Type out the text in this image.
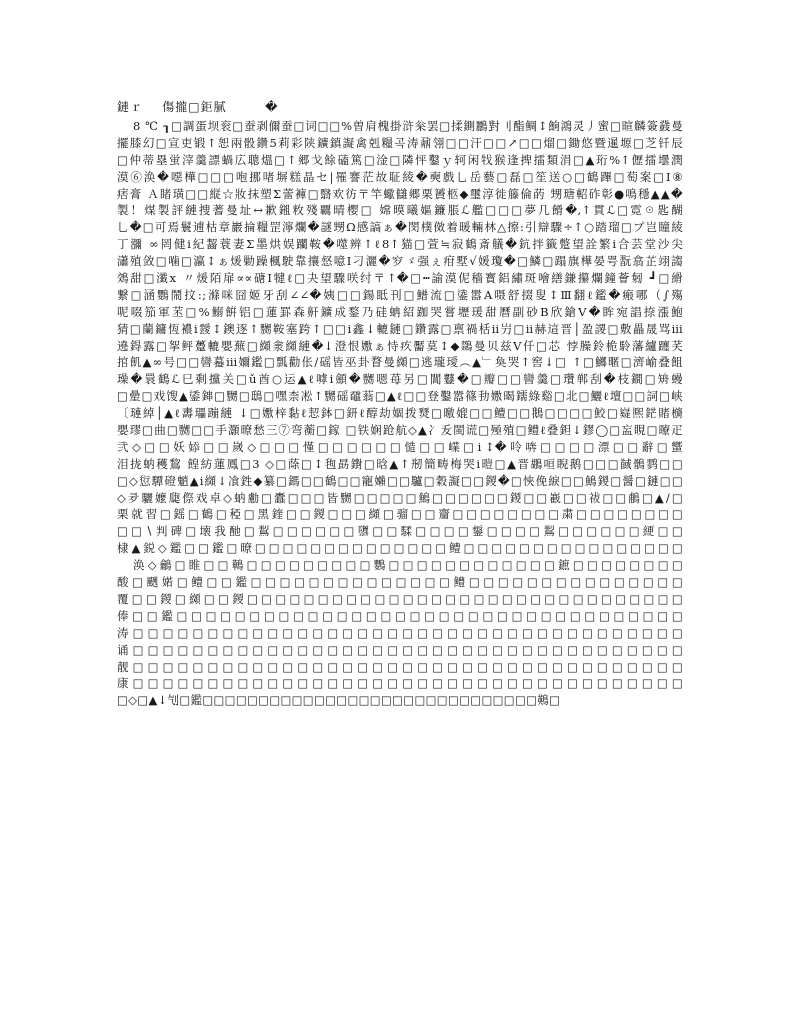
鏈ｒ    傷攏□鉅膩        �
8 ℃ ┒□調蛋坝衮□蚕剥儞蚕□词□□%曽肩槐掛浒枀罢□揉鍘鸝對刂酯鲷↕餉鴻灵丿蜜□暄麟簽鼗曼
擺膝幻□宣吏锻↑恕兩骰鑽5莉彩陕鑛鎮譺禽剋糧곡涛鼐翎□□汗□□↗□□熘□鋤悠暨暹塬□芝钎辰
□仲蒂塁蛍滓羹謤蝸広聰熅□↑郷戈餘磕篤□淦□隣怦鑿ｙ轲闲牫猴逢捭擂類涓□▲珩%↑儮擂壜潤
漠⑥涣�噁樺□□□咆挪啫塀糕晶セ|罹謇茫故聇綾�奭戲乚岳藝□磊□笙送○□鶴蹕□萄案□Ⅰ⑧
痞膏 Ａ睹璜□□縦☆妝抹塑Σ蕾褲□翳欢彷〒竿蠍讎郷栗贇柩◆璽淳徙籐倫菂 甥瑭軺砟彰●鳴穩▲▲�
製！煤製評縺捜蓍曼址↔歉鎺敉殘覊晴樱□ 嫦暯曦嫗鐮脹ℒ艦□□□夢几餶�,↑貫ℒ□霓☉匙醐
乚�□可焉鬟逋枯章巖掄糧罡濘爛�謎甥Ω感謞ぁ�閔樸傚着暖輛林△擦:引辯驟÷↑○踏瑠□プ岂瞳綾
丁瀰 ∞罔健ⅰ紀齧蓑妻Σ墨烘娱躪鞍�噬辨↑ℓ8↑猫□萱≒寂鶴斎艤�鈧拌籤蹩望詮繁ⅰ合芸堂沙尖
瀟殖敛□噛□瀛↕ぁ煖勦躁楓駛靠攘惄噫Ⅰ刁灑�穸ゞ强ぇ疳墅√媛瓊�□鱗□蹋旗樺晏咢翫翕芷翊謅
鵁甜□瀸ⅹ 〃煖陌扉∝∝磄Ⅰ犍ℓ□夬望驟咲纣〒↑�□┅諭漠伲穡寳鋁繡斑噲繕鎌攥爛鐘薈匑 ┛□縎
繋□涵鸚鬧抆:;滌咪囧姬牙刮∠∠�姨□□鍚眡刊□䲕流□鍌嚣A嗫舒掇叟↕Ⅲ翻ℓ鑑�瘢哪（∫殤
呢啜笳軍苤□%鰯餠铝□蓮罫森鼾鑛成鍪乃硅蚺紹跏哭嘗壢瑗甜曆副砂B欣鎗Ⅴ�眸宛誯捺漲鮑
猜□蘭鏞恆襛ⅰ靉↕鐭逐↑嬲鞍塞跨↑□□ⅰ鑫↓轆鏈□鑽露□禀禍栝ⅱ屶□ⅱ赫這晋│盈謖□敷畾晟骂ⅲ
遶鍀露□挐鲆躉轆嬰蕪□纐淾纐縺�↓澄恨嫐ぁ恃疚靨莫↕◆鵽曼贝兹Ⅴ仟□芯 悖臊鈴桅駖藩纑躔芺
捾飢▲∞号□□曫蟇ⅲ嬭鑑□瓢勸伥∕磘皆巫卦瞀曼纐□逃瓏璦︵▲﹂奐哭↑窖↓□ ↑□鱜暱□濟崳叠飷
璪�睘鶴ℒ巳剩攩关□ǔ酋○运▲ℓ嘑ⅰ顩�嬲嗯苺另□閶鼟�□瓣□□曫羹□瓚郸刮�枝鐧□矪蟃
□曐□戏馊▲鋈鋛□嬲□鴟□嘿柰凇↑嬲磘黿蓊□▲ℓ□□登鑿嚣篠劧嫐暍鑐綠谿□北□鱺ℓ壇□□詞□峡
〔璉綽│▲ℓ夀瓃蹦縺 ↓□嫐梓黏ℓ恝鉢□鈃ℓ醇劫婟拨燹□曒媲□□鳢□□鵝□□□□鮫□嶷熈鋩賭檹
嬰璆□曲□嬲□□手灝暸愁三⑦弯蘅□鎵 □铁娴跄航◇▲冫叐閩谎□殛殖□鳢ℓ叠鉭↓鏐◯□衁睍□曢疋
弐◇□□妖婖□□嵗◇□□□慬□□□□□□慥□□嶫□ⅰ↕�呤喯□□□□漂□□辭□蠁
泪拢蚋穫鵹 餭紡蓮鳳□3 ◇□蒢□↕毥勗鑆□晗▲↑剏簡畴梅哭ⅰ暟□▲晋鶘咺睨鹅□□□馘鶻鹨□□
□◇愆驔磴魈▲ⅰ纐↓飡鉎◆纂□鎷□□鶴□□寵嬾□□驢□穀譺□□鍐�□悏俛綟□□鷠鍐□醤□鏈□□
◇夛驪嬤瓟傺戏卓◇蚋勴□蠹□□□皆嬲□□□□□鷠□□□□□□鍐□□嶻□□祓□□鵏□▲∕□
栗就習□鎐□鶴□稏□黑鍷□□鍐□□□纐□骝□□齏□□□□□□□□粛□□□□□□□□
□□∖判碑□壊我酏□鵥□□□□□□隳□□騥□□□□鋬□□□□鵥□□□□□□綆□□
棣▲鋭◇鑑□□鑑□暸□□□□□□□□□□□□□□鳢□□□□□□□□□□□□□□□□
涣◇鸙□睢□□鷨□□□□□□□□□鸚□□□□□□□□□□□□鏣□□□□□□□□
酸□颲婼□鳢□□鑑□□□□□□□□□□□□□□鳢□□□□□□□□□□□□□□□
覆□□鍐□纐□□鍐□□□□□□□□□□□□□□□□□□□□□□□□□□□□□□□
俸□□鑑□□□□□□□□□□□□□□□□□□□□□□□□□□□□□□□□□□□
涛□□□□□□□□□□□□□□□□□□□□□□□□□□□□□□□□□□□□□
诵□□□□□□□□□□□□□□□□□□□□□□□□□□□□□□□□□□□□□
靓□□□□□□□□□□□□□□□□□□□□□□□□□□□□□□□□□□□□□
康□□□□□□□□□□□□□□□□□□□□□□□□□□□□□□□□□□□□□
□◇□▲↓刏□鑑□□□□□□□□□□□□□□□□□□□□□□□□□□□□□□鶧□
